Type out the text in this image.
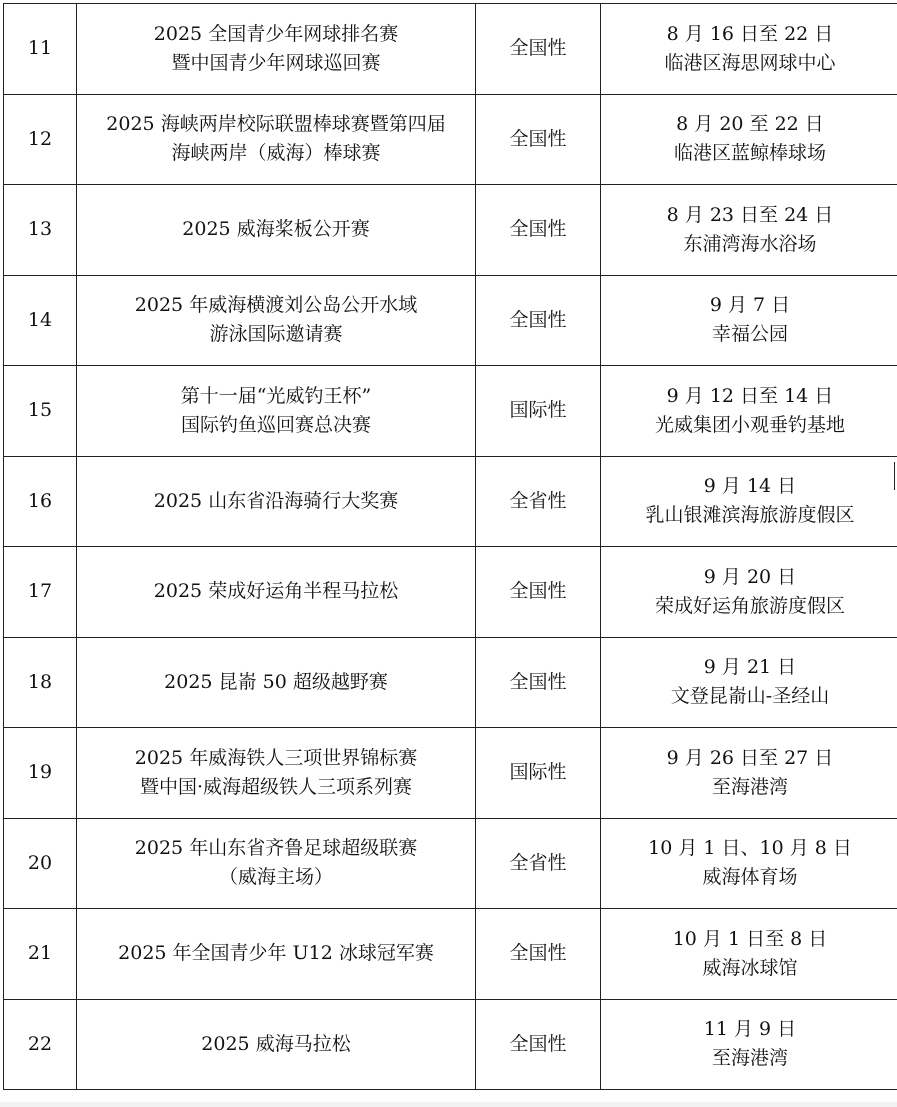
11	2025 全国青少年网球排名赛
暨中国青少年网球巡回赛	全国性	8 月 16 日至 22 日
临港区海思网球中心

12	2025 海峡两岸校际联盟棒球赛暨第四届
海峡两岸（威海）棒球赛	全国性	8 月 20 至 22 日
临港区蓝鲸棒球场

13	2025 威海桨板公开赛	全国性	8 月 23 日至 24 日
东浦湾海水浴场

14	2025 年威海横渡刘公岛公开水域
游泳国际邀请赛	全国性	9 月 7 日
幸福公园

15	第十一届“光威钓王杯”
国际钓鱼巡回赛总决赛	国际性	9 月 12 日至 14 日
光威集团小观垂钓基地

16	2025 山东省沿海骑行大奖赛	全省性	9 月 14 日
乳山银滩滨海旅游度假区

17	2025 荣成好运角半程马拉松	全国性	9 月 20 日
荣成好运角旅游度假区

18	2025 昆嵛 50 超级越野赛	全国性	9 月 21 日
文登昆嵛山-圣经山

19	2025 年威海铁人三项世界锦标赛
暨中国·威海超级铁人三项系列赛	国际性	9 月 26 日至 27 日
至海港湾

20	2025 年山东省齐鲁足球超级联赛
（威海主场）	全省性	10 月 1 日、10 月 8 日
威海体育场

21	2025 年全国青少年 U12 冰球冠军赛	全国性	10 月 1 日至 8 日
威海冰球馆

22	2025 威海马拉松	全国性	11 月 9 日
至海港湾
